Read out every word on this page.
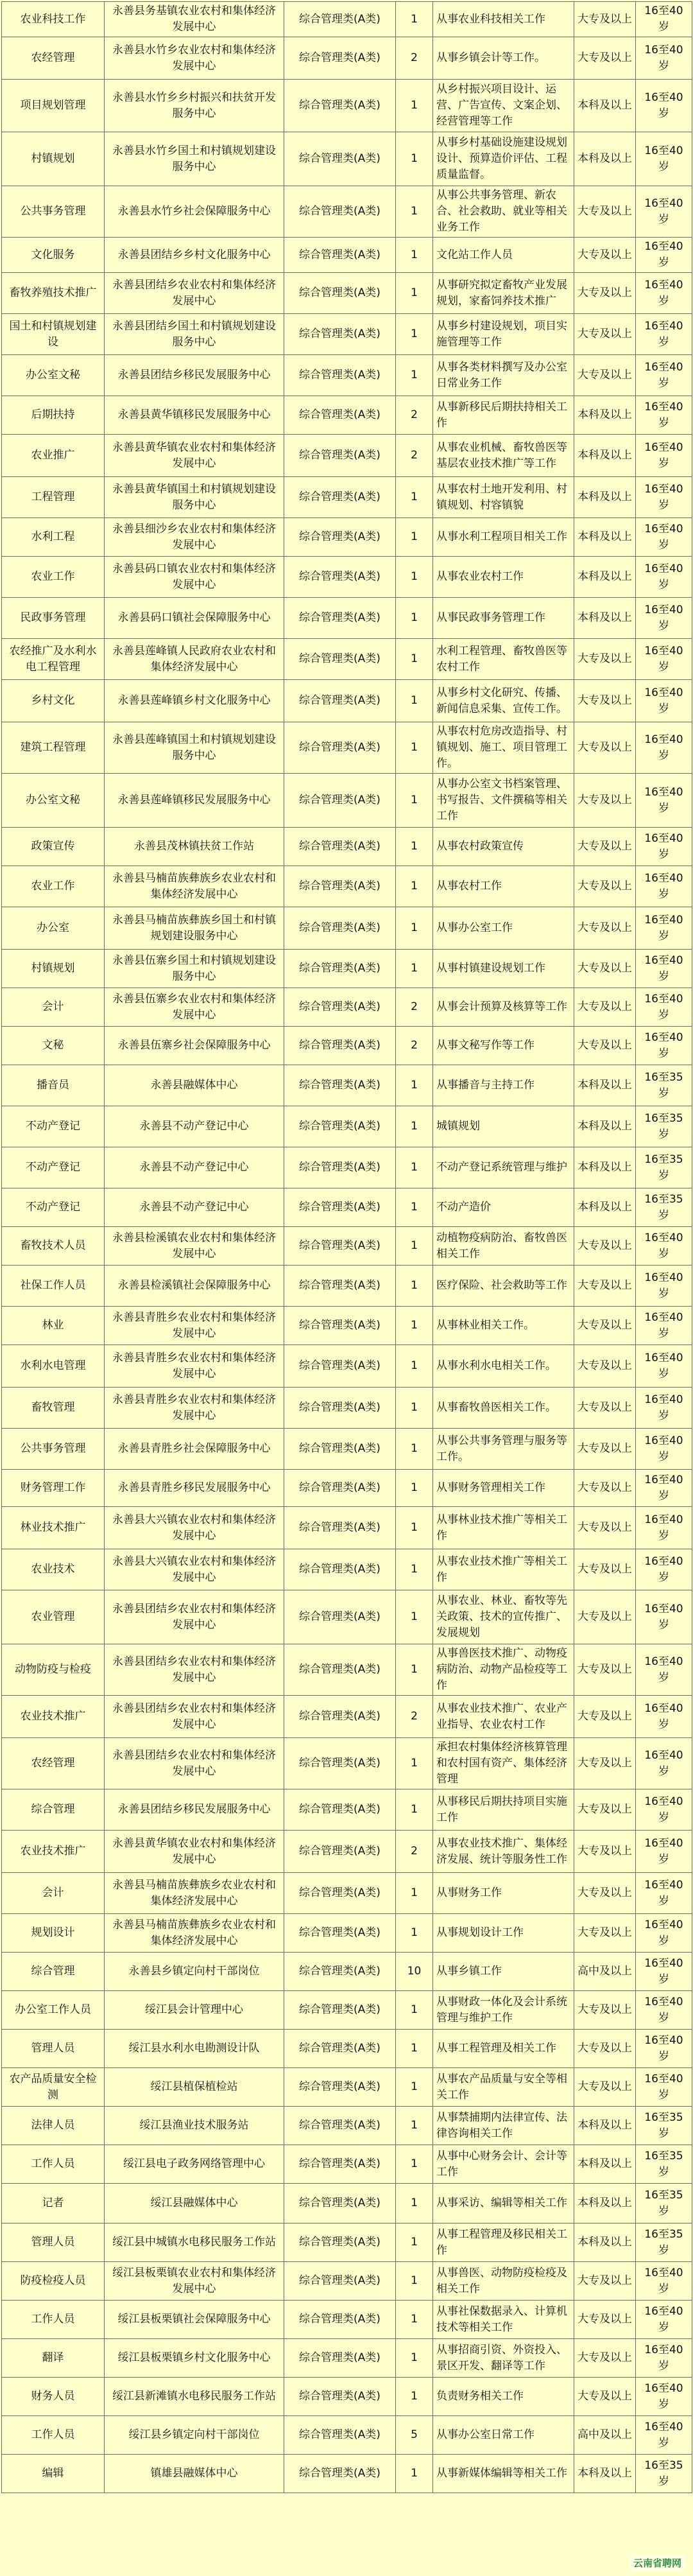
农业科技工作	永善县务基镇农业农村和集体经济发展中心	综合管理类(A类)	1	从事农业科技相关工作	大专及以上	16至40岁
农经管理	永善县水竹乡农业农村和集体经济发展中心	综合管理类(A类)	2	从事乡镇会计等工作。	大专及以上	16至40岁
项目规划管理	永善县水竹乡乡村振兴和扶贫开发服务中心	综合管理类(A类)	1	从乡村振兴项目设计、运营、广告宣传、文案企划、经营管理等工作	本科及以上	16至40岁
村镇规划	永善县水竹乡国土和村镇规划建设服务中心	综合管理类(A类)	1	从事乡村基础设施建设规划设计、预算造价评估、工程质量监督。	本科及以上	16至40岁
公共事务管理	永善县水竹乡社会保障服务中心	综合管理类(A类)	1	从事公共事务管理、新农合、社会救助、就业等相关业务工作	大专及以上	16至40岁
文化服务	永善县团结乡乡村文化服务中心	综合管理类(A类)	1	文化站工作人员	大专及以上	16至40岁
畜牧养殖技术推广	永善县团结乡农业农村和集体经济发展中心	综合管理类(A类)	1	从事研究拟定畜牧产业发展规划，家畜饲养技术推广	大专及以上	16至40岁
国土和村镇规划建设	永善县团结乡国土和村镇规划建设服务中心	综合管理类(A类)	1	从事乡村建设规划，项目实施管理等工作	大专及以上	16至40岁
办公室文秘	永善县团结乡移民发展服务中心	综合管理类(A类)	1	从事各类材料撰写及办公室日常业务工作	大专及以上	16至40岁
后期扶持	永善县黄华镇移民发展服务中心	综合管理类(A类)	2	从事新移民后期扶持相关工作	本科及以上	16至40岁
农业推广	永善县黄华镇农业农村和集体经济发展中心	综合管理类(A类)	2	从事农业机械、畜牧兽医等基层农业技术推广等工作	本科及以上	16至40岁
工程管理	永善县黄华镇国土和村镇规划建设服务中心	综合管理类(A类)	1	从事农村土地开发利用、村镇规划、村容镇貌	本科及以上	16至40岁
水利工程	永善县细沙乡农业农村和集体经济发展中心	综合管理类(A类)	1	从事水利工程项目相关工作	本科及以上	16至40岁
农业工作	永善县码口镇农业农村和集体经济发展中心	综合管理类(A类)	1	从事农业农村工作	本科及以上	16至40岁
民政事务管理	永善县码口镇社会保障服务中心	综合管理类(A类)	1	从事民政事务管理工作	本科及以上	16至40岁
农经推广及水利水电工程管理	永善县莲峰镇人民政府农业农村和集体经济发展中心	综合管理类(A类)	1	水利工程管理、畜牧兽医等农村工作	大专及以上	16至40岁
乡村文化	永善县莲峰镇乡村文化服务中心	综合管理类(A类)	1	从事乡村文化研究、传播、新闻信息采集、宣传工作。	大专及以上	16至40岁
建筑工程管理	永善县莲峰镇国土和村镇规划建设服务中心	综合管理类(A类)	1	从事农村危房改造指导、村镇规划、施工、项目管理工作。	大专及以上	16至40岁
办公室文秘	永善县莲峰镇移民发展服务中心	综合管理类(A类)	1	从事办公室文书档案管理、书写报告、文件撰稿等相关工作	大专及以上	16至40岁
政策宣传	永善县茂林镇扶贫工作站	综合管理类(A类)	1	从事农村政策宣传	大专及以上	16至40岁
农业工作	永善县马楠苗族彝族乡农业农村和集体经济发展中心	综合管理类(A类)	1	从事农村工作	大专及以上	16至40岁
办公室	永善县马楠苗族彝族乡国土和村镇规划建设服务中心	综合管理类(A类)	1	从事办公室工作	大专及以上	16至40岁
村镇规划	永善县伍寨乡国土和村镇规划建设服务中心	综合管理类(A类)	1	从事村镇建设规划工作	大专及以上	16至40岁
会计	永善县伍寨乡农业农村和集体经济发展中心	综合管理类(A类)	2	从事会计预算及核算等工作	大专及以上	16至40岁
文秘	永善县伍寨乡社会保障服务中心	综合管理类(A类)	2	从事文秘写作等工作	大专及以上	16至40岁
播音员	永善县融媒体中心	综合管理类(A类)	1	从事播音与主持工作	本科及以上	16至35岁
不动产登记	永善县不动产登记中心	综合管理类(A类)	1	城镇规划	本科及以上	16至35岁
不动产登记	永善县不动产登记中心	综合管理类(A类)	1	不动产登记系统管理与维护	本科及以上	16至35岁
不动产登记	永善县不动产登记中心	综合管理类(A类)	1	不动产造价	本科及以上	16至35岁
畜牧技术人员	永善县检溪镇农业农村和集体经济发展中心	综合管理类(A类)	1	动植物疫病防治、畜牧兽医相关工作	大专及以上	16至40岁
社保工作人员	永善县检溪镇社会保障服务中心	综合管理类(A类)	1	医疗保险、社会救助等工作	大专及以上	16至40岁
林业	永善县青胜乡农业农村和集体经济发展中心	综合管理类(A类)	1	从事林业相关工作。	大专及以上	16至40岁
水利水电管理	永善县青胜乡农业农村和集体经济发展中心	综合管理类(A类)	1	从事水利水电相关工作。	大专及以上	16至40岁
畜牧管理	永善县青胜乡农业农村和集体经济发展中心	综合管理类(A类)	1	从事畜牧兽医相关工作。	大专及以上	16至40岁
公共事务管理	永善县青胜乡社会保障服务中心	综合管理类(A类)	1	从事公共事务管理与服务等工作。	大专及以上	16至40岁
财务管理工作	永善县青胜乡移民发展服务中心	综合管理类(A类)	1	从事财务管理相关工作	大专及以上	16至40岁
林业技术推广	永善县大兴镇农业农村和集体经济发展中心	综合管理类(A类)	1	从事林业技术推广等相关工作	大专及以上	16至40岁
农业技术	永善县大兴镇农业农村和集体经济发展中心	综合管理类(A类)	1	从事农业技术推广等相关工作	大专及以上	16至40岁
农业管理	永善县团结乡农业农村和集体经济发展中心	综合管理类(A类)	1	从事农业、林业、畜牧等先关政策、技术的宣传推广、发展规划	大专及以上	16至40岁
动物防疫与检疫	永善县团结乡农业农村和集体经济发展中心	综合管理类(A类)	1	从事兽医技术推广、动物疫病防治、动物产品检疫等工作	大专及以上	16至40岁
农业技术推广	永善县团结乡农业农村和集体经济发展中心	综合管理类(A类)	2	从事农业技术推广、农业产业指导、农业农村工作	大专及以上	16至40岁
农经管理	永善县团结乡农业农村和集体经济发展中心	综合管理类(A类)	1	承担农村集体经济核算管理和农村国有资产、集体经济管理	大专及以上	16至40岁
综合管理	永善县团结乡移民发展服务中心	综合管理类(A类)	1	从事移民后期扶持项目实施工作	大专及以上	16至40岁
农业技术推广	永善县黄华镇农业农村和集体经济发展中心	综合管理类(A类)	2	从事农业技术推广、集体经济发展、统计等服务性工作	大专及以上	16至40岁
会计	永善县马楠苗族彝族乡农业农村和集体经济发展中心	综合管理类(A类)	1	从事财务工作	大专及以上	16至40岁
规划设计	永善县马楠苗族彝族乡农业农村和集体经济发展中心	综合管理类(A类)	1	从事规划设计工作	大专及以上	16至40岁
综合管理	永善县乡镇定向村干部岗位	综合管理类(A类)	10	从事乡镇工作	高中及以上	16至40岁
办公室工作人员	绥江县会计管理中心	综合管理类(A类)	1	从事财政一体化及会计系统管理与维护工作	大专及以上	16至40岁
管理人员	绥江县水利水电勘测设计队	综合管理类(A类)	1	从事工程管理及相关工作	大专及以上	16至40岁
农产品质量安全检测	绥江县植保植检站	综合管理类(A类)	1	从事农产品质量与安全等相关工作	大专及以上	16至40岁
法律人员	绥江县渔业技术服务站	综合管理类(A类)	1	从事禁捕期内法律宣传、法律咨询相关工作	本科及以上	16至35岁
工作人员	绥江县电子政务网络管理中心	综合管理类(A类)	1	从事中心财务会计、会计等工作	本科及以上	16至35岁
记者	绥江县融媒体中心	综合管理类(A类)	1	从事采访、编辑等相关工作	本科及以上	16至35岁
管理人员	绥江县中城镇水电移民服务工作站	综合管理类(A类)	1	从事工程管理及移民相关工作	本科及以上	16至35岁
防疫检疫人员	绥江县板栗镇农业农村和集体经济发展中心	综合管理类(A类)	1	从事兽医、动物防疫检疫及相关工作	大专及以上	16至40岁
工作人员	绥江县板栗镇社会保障服务中心	综合管理类(A类)	1	从事社保数据录入、计算机技术等相关工作	大专及以上	16至40岁
翻译	绥江县板栗镇乡村文化服务中心	综合管理类(A类)	1	从事招商引资、外资投入、景区开发、翻译等工作	大专及以上	16至40岁
财务人员	绥江县新滩镇水电移民服务工作站	综合管理类(A类)	1	负责财务相关工作	大专及以上	16至40岁
工作人员	绥江县乡镇定向村干部岗位	综合管理类(A类)	5	从事办公室日常工作	高中及以上	16至40岁
编辑	镇雄县融媒体中心	综合管理类(A类)	1	从事新媒体编辑等相关工作	本科及以上	16至35岁
云南省聘网
